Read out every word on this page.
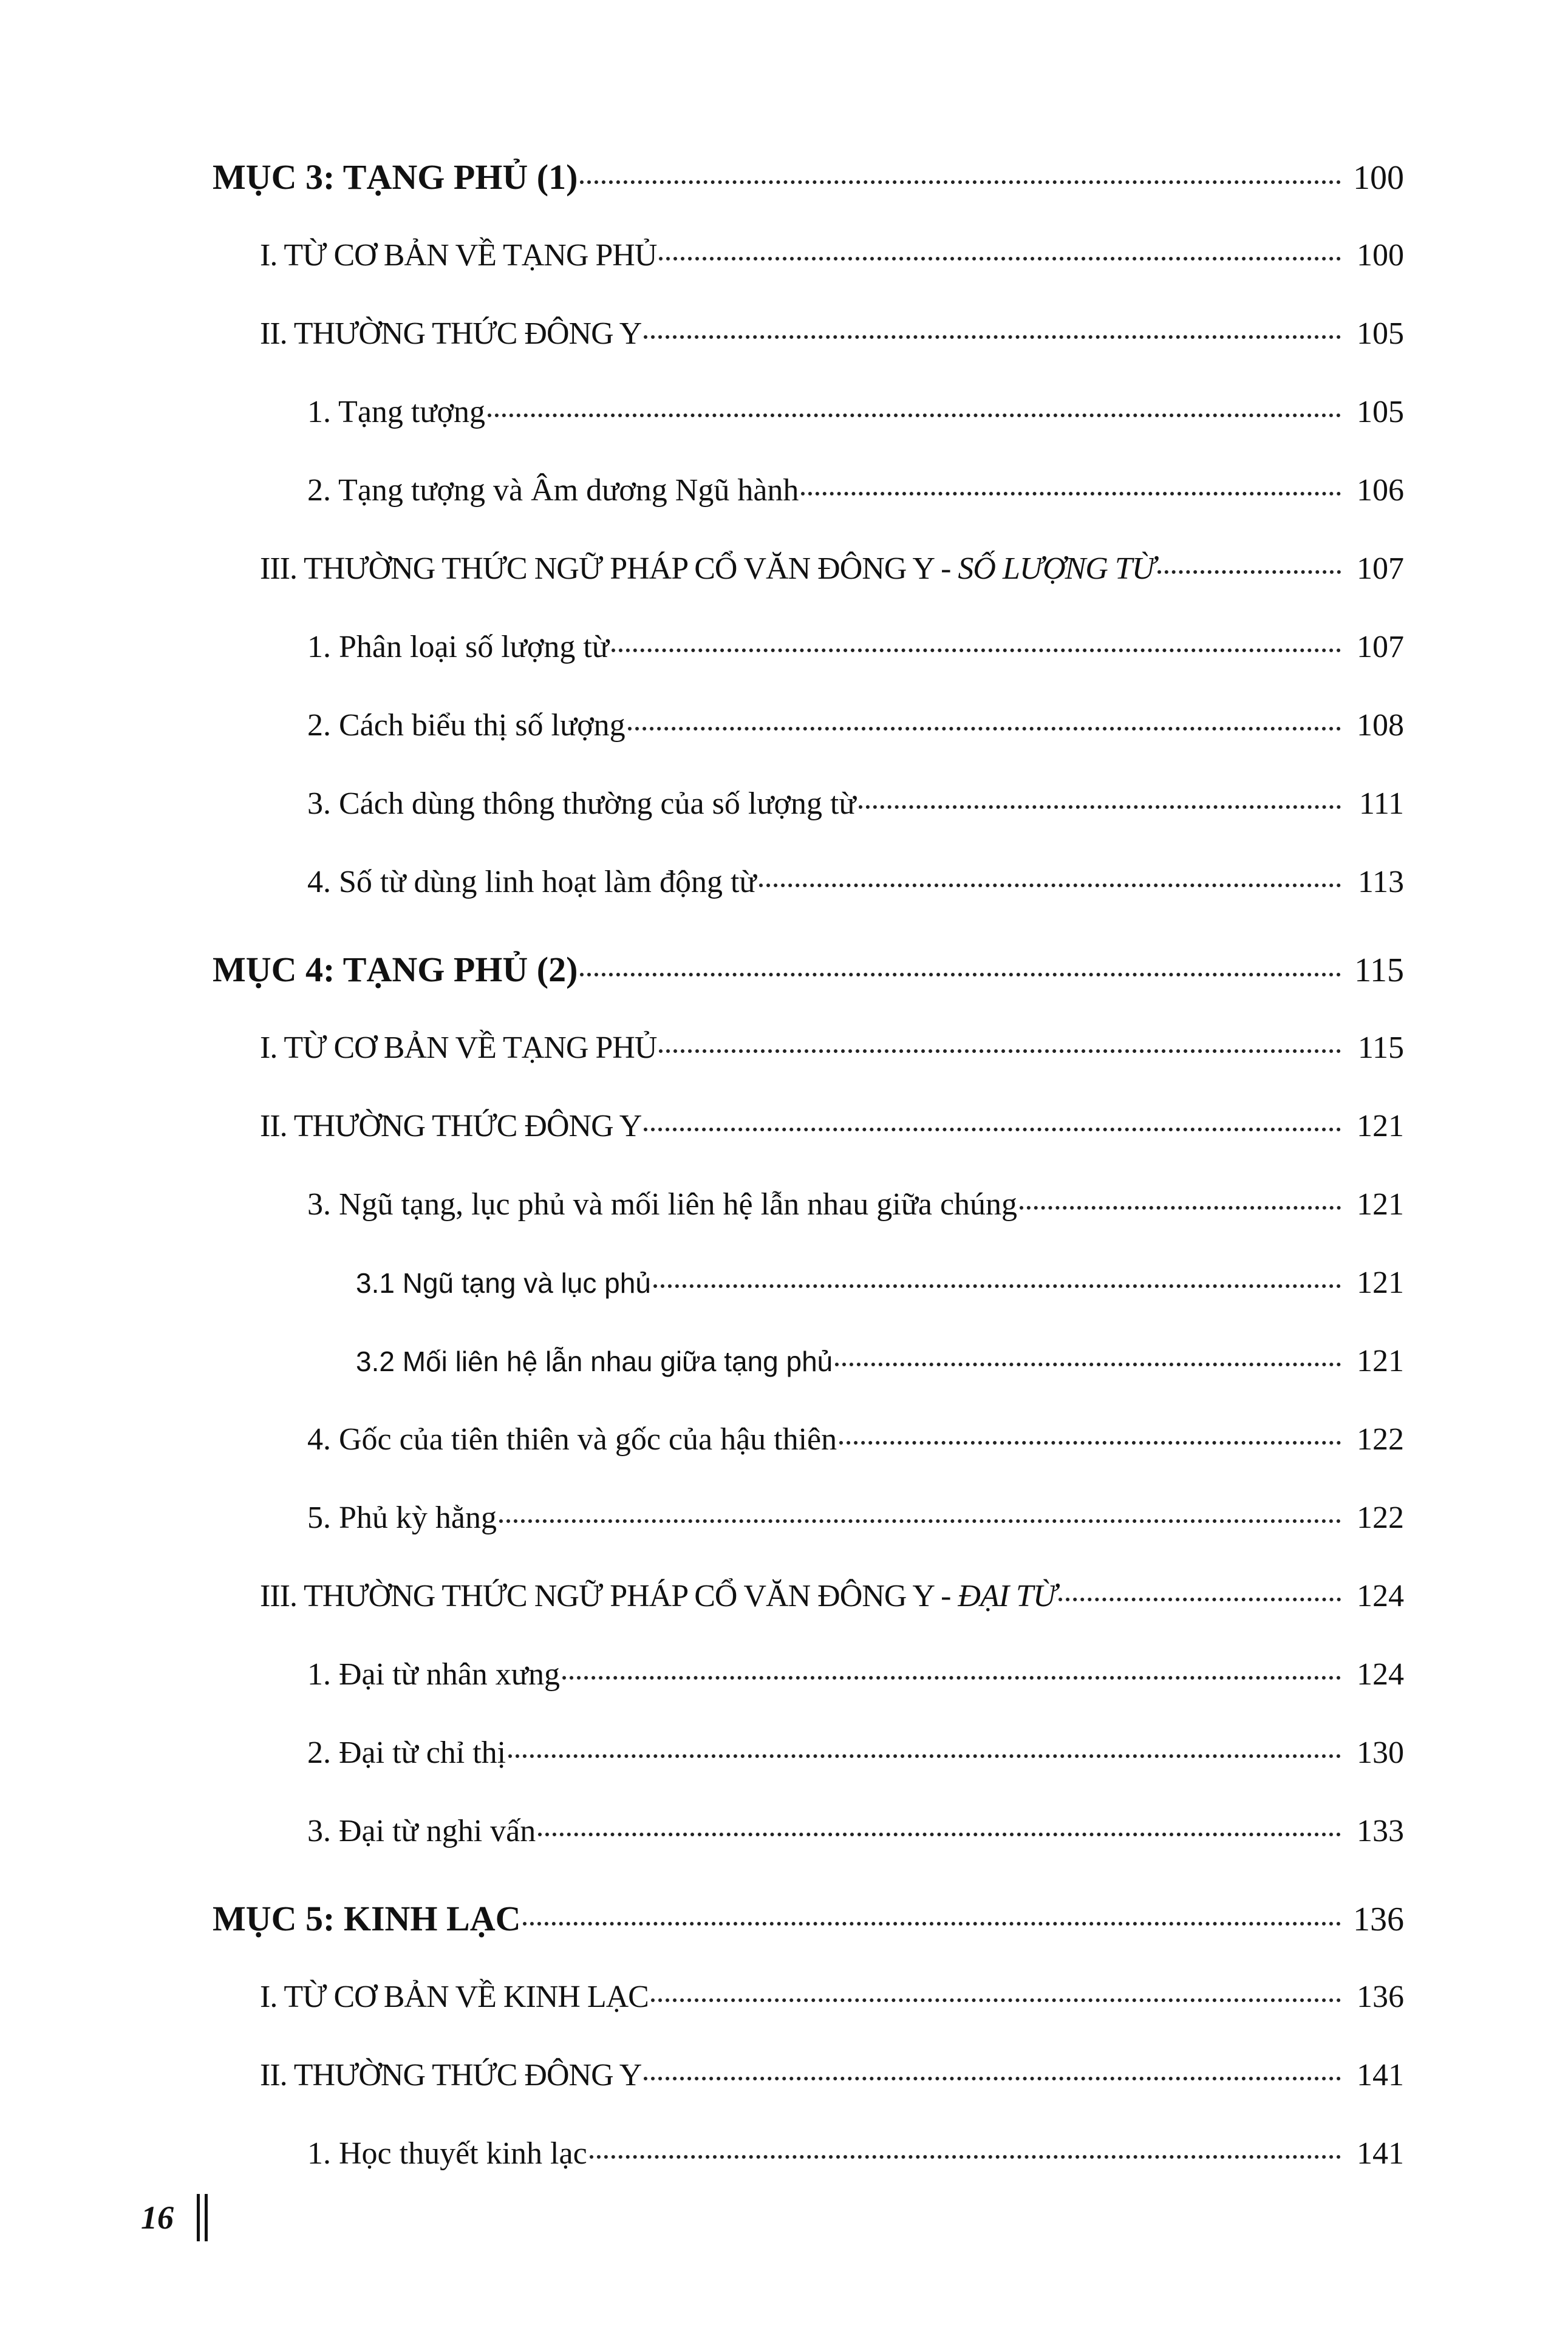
MỤC 3: TẠNG PHỦ (1)	100
I. TỪ CƠ BẢN VỀ TẠNG PHỦ	100
II. THƯỜNG THỨC ĐÔNG Y	105
1. Tạng tượng	105
2. Tạng tượng và Âm dương Ngũ hành	106
III. THƯỜNG THỨC NGỮ PHÁP CỔ VĂN ĐÔNG Y - SỐ LƯỢNG TỪ	107
1. Phân loại số lượng từ	107
2. Cách biểu thị số lượng	108
3. Cách dùng thông thường của số lượng từ	111
4. Số từ dùng linh hoạt làm động từ	113
MỤC 4: TẠNG PHỦ (2)	115
I. TỪ CƠ BẢN VỀ TẠNG PHỦ	115
II. THƯỜNG THỨC ĐÔNG Y	121
3. Ngũ tạng, lục phủ và mối liên hệ lẫn nhau giữa chúng	121
3.1 Ngũ tạng và lục phủ	121
3.2 Mối liên hệ lẫn nhau giữa tạng phủ	121
4. Gốc của tiên thiên và gốc của hậu thiên	122
5. Phủ kỳ hằng	122
III. THƯỜNG THỨC NGỮ PHÁP CỔ VĂN ĐÔNG Y - ĐẠI TỪ	124
1. Đại từ nhân xưng	124
2. Đại từ chỉ thị	130
3. Đại từ nghi vấn	133
MỤC 5: KINH LẠC	136
I. TỪ CƠ BẢN VỀ KINH LẠC	136
II. THƯỜNG THỨC ĐÔNG Y	141
1. Học thuyết kinh lạc	141
16
